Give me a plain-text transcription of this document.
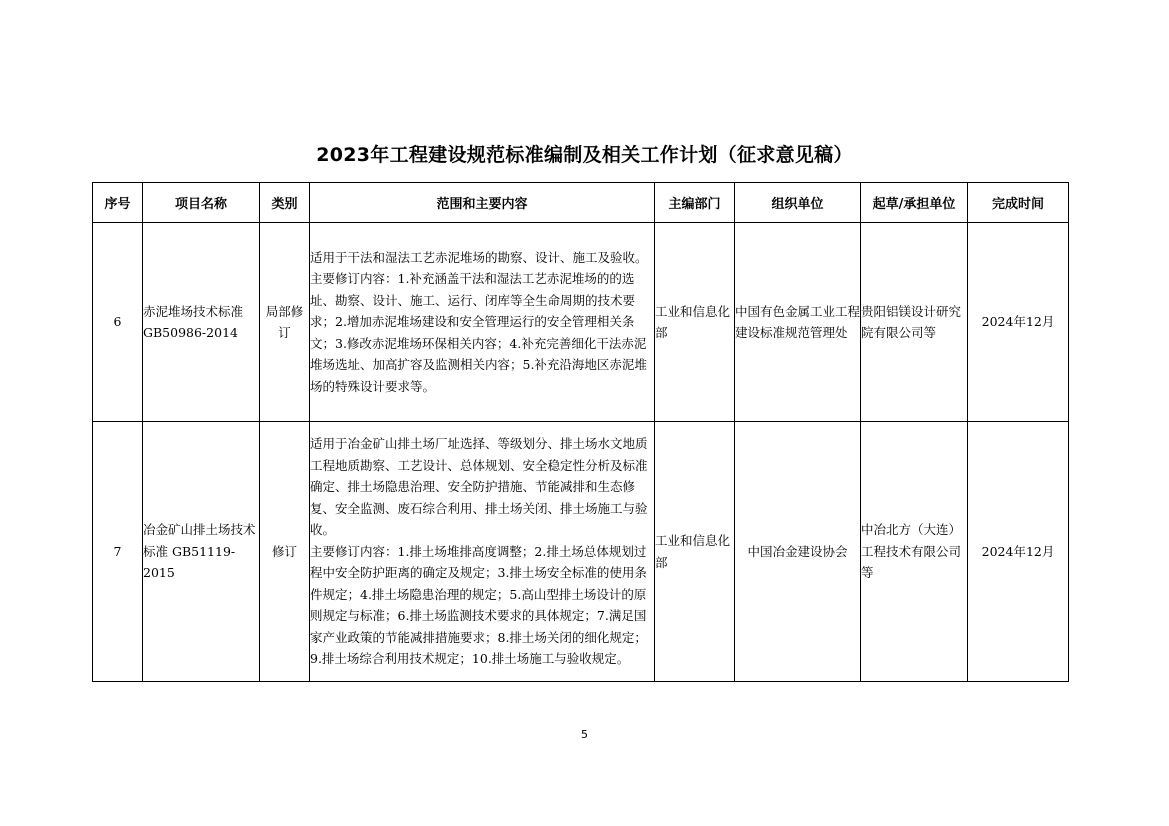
2023年工程建设规范标准编制及相关工作计划（征求意见稿）
序号	项目名称	类别	范围和主要内容	主编部门	组织单位	起草/承担单位	完成时间
6	赤泥堆场技术标准 GB50986-2014	局部修订	适用于干法和湿法工艺赤泥堆场的勘察、设计、施工及验收。
主要修订内容：1.补充涵盖干法和湿法工艺赤泥堆场的的选址、勘察、设计、施工、运行、闭库等全生命周期的技术要求；2.增加赤泥堆场建设和安全管理运行的安全管理相关条文；3.修改赤泥堆场环保相关内容；4.补充完善细化干法赤泥堆场选址、加高扩容及监测相关内容；5.补充沿海地区赤泥堆场的特殊设计要求等。	工业和信息化部	中国有色金属工业工程建设标准规范管理处	贵阳铝镁设计研究院有限公司等	2024年12月
7	冶金矿山排土场技术标准 GB51119-2015	修订	适用于冶金矿山排土场厂址选择、等级划分、排土场水文地质工程地质勘察、工艺设计、总体规划、安全稳定性分析及标准确定、排土场隐患治理、安全防护措施、节能减排和生态修复、安全监测、废石综合利用、排土场关闭、排土场施工与验收。
主要修订内容：1.排土场堆排高度调整；2.排土场总体规划过程中安全防护距离的确定及规定；3.排土场安全标准的使用条件规定；4.排土场隐患治理的规定；5.高山型排土场设计的原则规定与标准；6.排土场监测技术要求的具体规定；7.满足国家产业政策的节能减排措施要求；8.排土场关闭的细化规定；9.排土场综合利用技术规定；10.排土场施工与验收规定。	工业和信息化部	中国冶金建设协会	中冶北方（大连）工程技术有限公司等	2024年12月
5
